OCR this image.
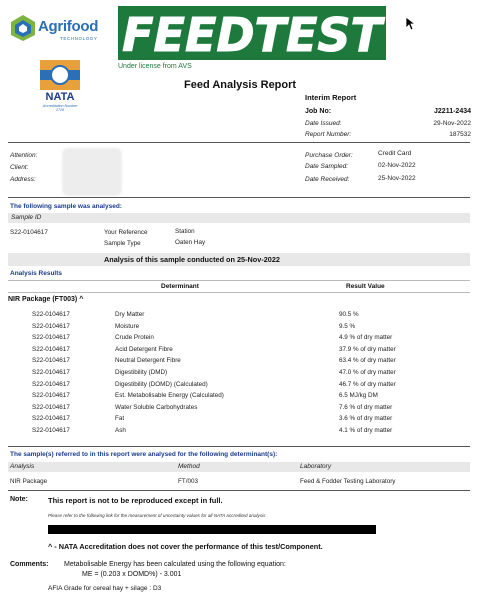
Agrifood
TECHNOLOGY FEEDTEST
Under license from AVS
NATA
Accreditation Number 2728
Feed Analysis Report
Interim Report
Job No:	J2211-2434
Date Issued:	29-Nov-2022
Report Number:	187532
Attention:
Client:
Address:
Purchase Order:	Credit Card
Date Sampled:	02-Nov-2022
Date Received:	25-Nov-2022
The following sample was analysed:
Sample ID
S22-0104617	Your Reference	Station
Sample Type	Oaten Hay
Analysis of this sample conducted on 25-Nov-2022
Analysis Results
Determinant	Result Value
NIR Package (FT003) ^
S22-0104617	Dry Matter	90.5 %
S22-0104617	Moisture	9.5 %
S22-0104617	Crude Protein	4.9 % of dry matter
S22-0104617	Acid Detergent Fibre	37.9 % of dry matter
S22-0104617	Neutral Detergent Fibre	63.4 % of dry matter
S22-0104617	Digestibility (DMD)	47.0 % of dry matter
S22-0104617	Digestibility (DOMD) (Calculated)	46.7 % of dry matter
S22-0104617	Est. Metabolisable Energy (Calculated)	6.5 MJ/kg DM
S22-0104617	Water Soluble Carbohydrates	7.6 % of dry matter
S22-0104617	Fat	3.6 % of dry matter
S22-0104617	Ash	4.1 % of dry matter
The sample(s) referred to in this report were analysed for the following determinant(s):
Analysis	Method	Laboratory
NIR Package	FT/003	Feed & Fodder Testing Laboratory
Note:	This report is not to be reproduced except in full.
Please refer to the following link for the measurement of uncertainty values for all NATA accredited analysis
^ - NATA Accreditation does not cover the performance of this test/Component.
Comments: Metabolisable Energy has been calculated using the following equation:
ME = (0.203 x DOMD%) - 3.001
AFIA Grade for cereal hay + silage : D3
